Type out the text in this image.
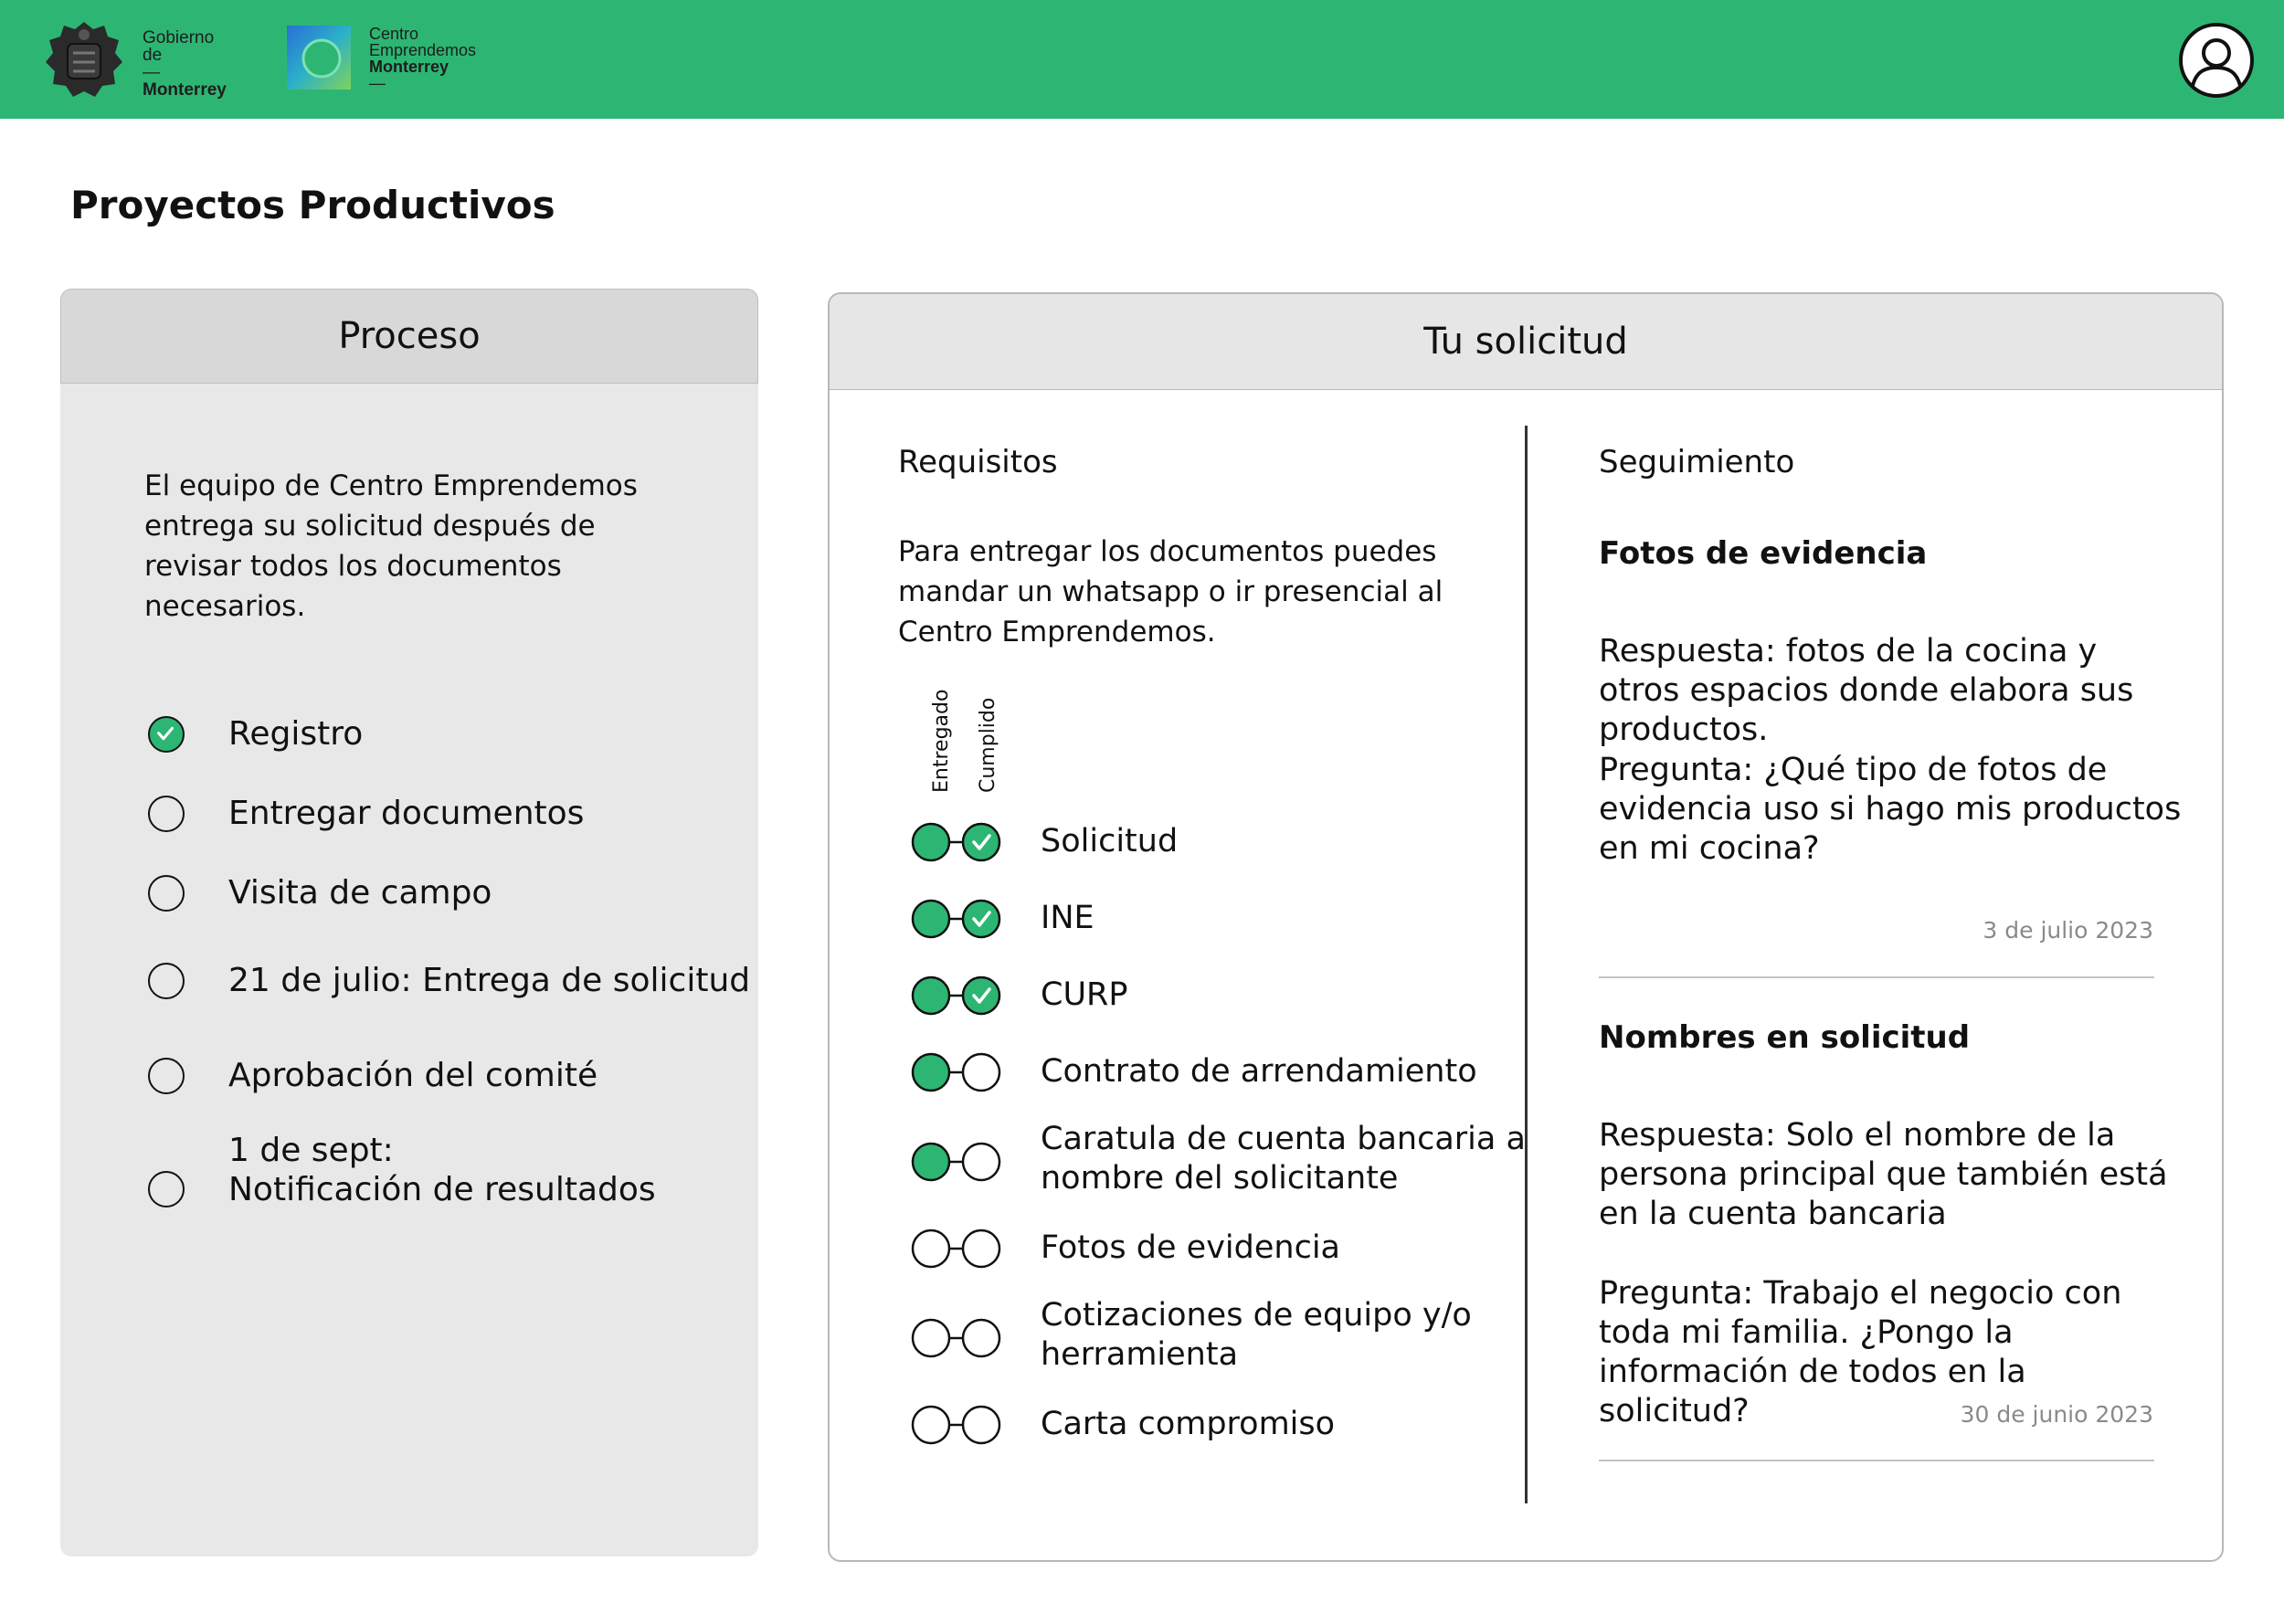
Gobierno
de
—
Monterrey
Centro
Emprendemos
Monterrey
—
Proyectos Productivos
Proceso
El equipo de Centro Emprendemos entrega su solicitud después de revisar todos los documentos necesarios.
Registro
Entregar documentos
Visita de campo
21 de julio: Entrega de solicitud
Aprobación del comité
1 de sept:
Notificación de resultados
Tu solicitud
Requisitos
Para entregar los documentos puedes mandar un whatsapp o ir presencial al Centro Emprendemos.
Entregado Cumplido
Solicitud
INE
CURP
Contrato de arrendamiento
Caratula de cuenta bancaria a
nombre del solicitante
Fotos de evidencia
Cotizaciones de equipo y/o
herramienta
Carta compromiso
Seguimiento
Fotos de evidencia
Respuesta: fotos de la cocina y otros espacios donde elabora sus productos.
Pregunta: ¿Qué tipo de fotos de evidencia uso si hago mis productos en mi cocina?
3 de julio 2023
Nombres en solicitud
Respuesta: Solo el nombre de la persona principal que también está en la cuenta bancaria
Pregunta: Trabajo el negocio con toda mi familia. ¿Pongo la información de todos en la solicitud?	30 de junio 2023
